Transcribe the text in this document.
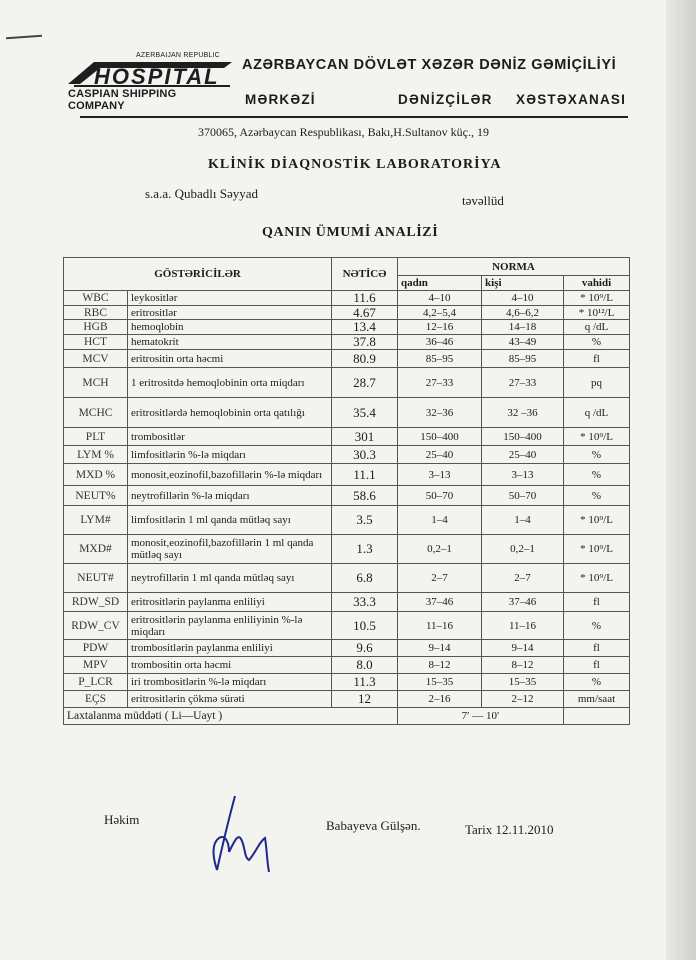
AZERBAIJAN REPUBLIC
HOSPITAL
CASPIAN SHIPPING COMPANY
AZƏRBAYCAN DÖVLƏT XƏZƏR DƏNİZ GƏMİÇİLİYİ
MƏRKƏZİ	DƏNİZÇİLƏR XƏSTƏXANASI
370065, Azərbaycan Respublikası, Bakı,H.Sultanov küç., 19
KLİNİK DİAQNOSTİK LABORATORİYA
s.a.a. Qubadlı Səyyad	təvəllüd
QANIN ÜMUMİ ANALİZİ
GÖSTƏRİCİLƏR		NƏTİCƏ	NORMA		
			qadın	kişi	vahidi
WBC	leykositlər	11.6	4–10	4–10	* 10⁹/L
RBC	eritrositlər	4.67	4,2–5,4	4,6–6,2	* 10¹²/L
HGB	hemoqlobin	13.4	12–16	14–18	q /dL
HCT	hematokrit	37.8	36–46	43–49	%
MCV	eritrositin orta həcmi	80.9	85–95	85–95	fl
MCH	1 eritrositdə hemoqlobinin orta miqdarı	28.7	27–33	27–33	pq
MCHC	eritrositlərdə hemoqlobinin orta qatılığı	35.4	32–36	32 –36	q /dL
PLT	trombositlər	301	150–400	150–400	* 10⁹/L
LYM %	limfositlərin %-lə miqdarı	30.3	25–40	25–40	%
MXD %	monosit,eozinofil,bazofillərin %-lə miqdarı	11.1	3–13	3–13	%
NEUT%	neytrofillərin %-lə miqdarı	58.6	50–70	50–70	%
LYM#	limfositlərin 1 ml qanda mütləq sayı	3.5	1–4	1–4	* 10⁹/L
MXD#	monosit,eozinofil,bazofillərin 1 ml qanda mütləq sayı	1.3	0,2–1	0,2–1	* 10⁹/L
NEUT#	neytrofillərin 1 ml qanda mütləq sayı	6.8	2–7	2–7	* 10⁹/L
RDW_SD	eritrositlərin paylanma enliliyi	33.3	37–46	37–46	fl
RDW_CV	eritrositlərin paylanma enliliyinin %-lə miqdarı	10.5	11–16	11–16	%
PDW	trombositlərin paylanma enliliyi	9.6	9–14	9–14	fl
MPV	trombositin orta həcmi	8.0	8–12	8–12	fl
P_LCR	iri trombositlərin %-lə miqdarı	11.3	15–35	15–35	%
EÇS	eritrositlərin çökmə sürəti	12	2–16	2–12	mm/saat
Laxtalanma müddəti ( Li—Uayt )			7′ — 10′		
Həkim	Babayeva Gülşən.	Tarix 12.11.2010
